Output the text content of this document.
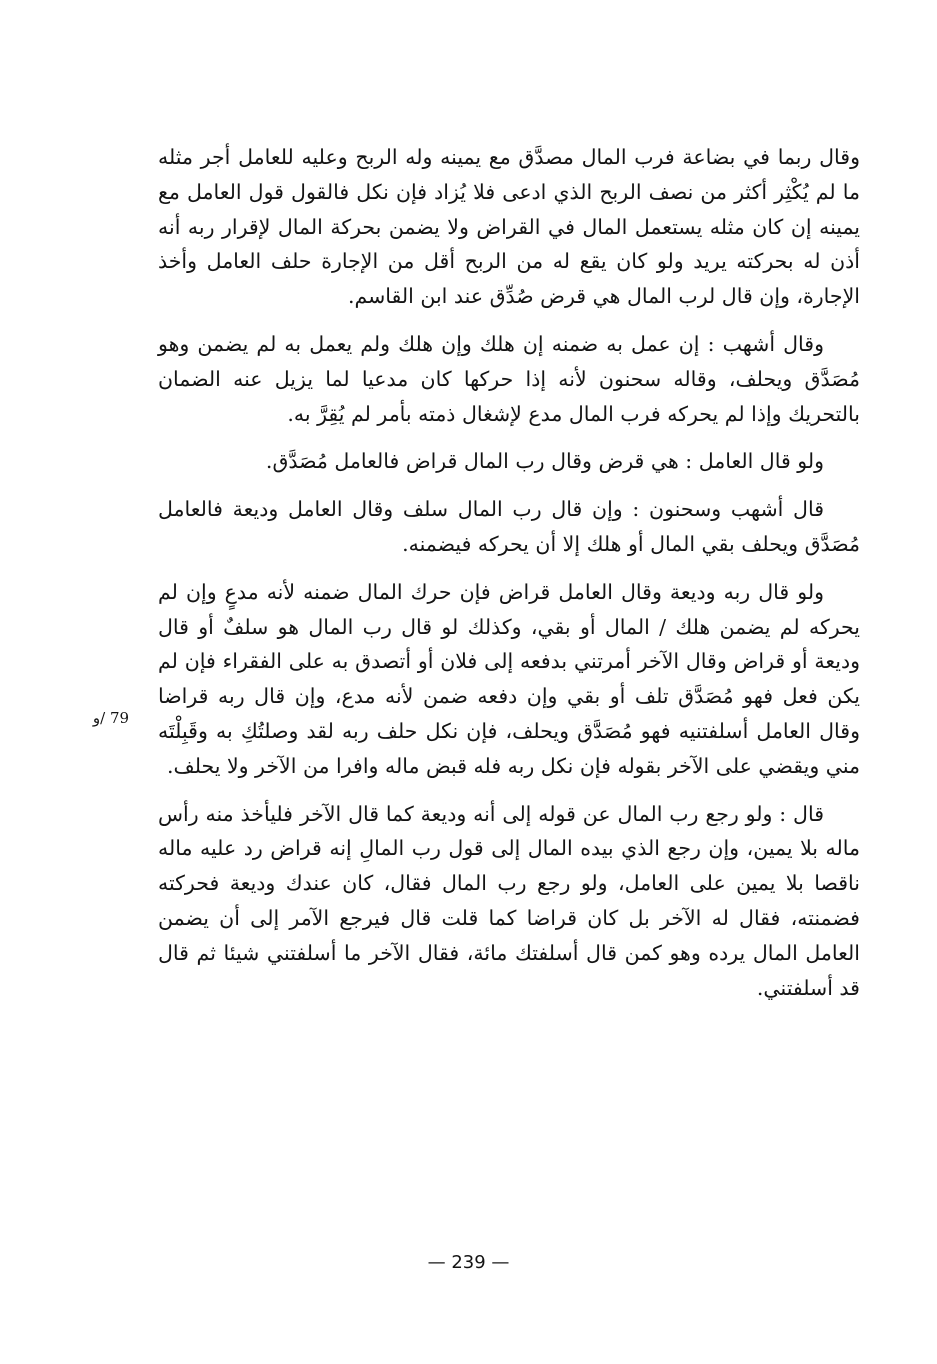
وقال ربما في بضاعة فرب المال مصدَّق مع يمينه وله الربح وعليه للعامل أجر مثله ما لم يُكْثِر أكثر من نصف الربح الذي ادعى فلا يُزاد فإن نكل فالقول قول العامل مع يمينه إن كان مثله يستعمل المال في القراض ولا يضمن بحركة المال لإقرار ربه أنه أذن له بحركته يريد ولو كان يقع له من الربح أقل من الإجارة حلف العامل وأخذ الإجارة، وإن قال لرب المال هي قرض صُدِّق عند ابن القاسم.

وقال أشهب : إن عمل به ضمنه إن هلك وإن هلك ولم يعمل به لم يضمن وهو مُصَدَّق ويحلف، وقاله سحنون لأنه إذا حركها كان مدعيا لما يزيل عنه الضمان بالتحريك وإذا لم يحركه فرب المال مدع لإشغال ذمته بأمر لم يُقِرَّ به.

ولو قال العامل : هي قرض وقال رب المال قراض فالعامل مُصَدَّق.

قال أشهب وسحنون : وإن قال رب المال سلف وقال العامل وديعة فالعامل مُصَدَّق ويحلف بقي المال أو هلك إلا أن يحركه فيضمنه.

ولو قال ربه وديعة وقال العامل قراض فإن حرك المال ضمنه لأنه مدعٍ وإن لم يحركه لم يضمن هلك / المال أو بقي، وكذلك لو قال رب المال هو سلفٌ أو قال وديعة أو قراض وقال الآخر أمرتني بدفعه إلى فلان أو أتصدق به على الفقراء فإن لم يكن فعل فهو مُصَدَّق تلف أو بقي وإن دفعه ضمن لأنه مدع، وإن قال ربه قراضا وقال العامل أسلفتنيه فهو مُصَدَّق ويحلف، فإن نكل حلف ربه لقد وصلتُكِ به وقَبِلْتَه مني ويقضي على الآخر بقوله فإن نكل ربه فله قبض ماله وافرا من الآخر ولا يحلف.

قال : ولو رجع رب المال عن قوله إلى أنه وديعة كما قال الآخر فليأخذ منه رأس ماله بلا يمين، وإن رجع الذي بيده المال إلى قول رب المالِ إنه قراض رد عليه ماله ناقصا بلا يمين على العامل، ولو رجع رب المال فقال، كان عندك وديعة فحركته فضمنته، فقال له الآخر بل كان قراضا كما قلت قال فيرجع الآمر إلى أن يضمن العامل المال يرده وهو كمن قال أسلفتك مائة، فقال الآخر ما أسلفتني شيئا ثم قال قد أسلفتني.

79 /و
— 239 —
